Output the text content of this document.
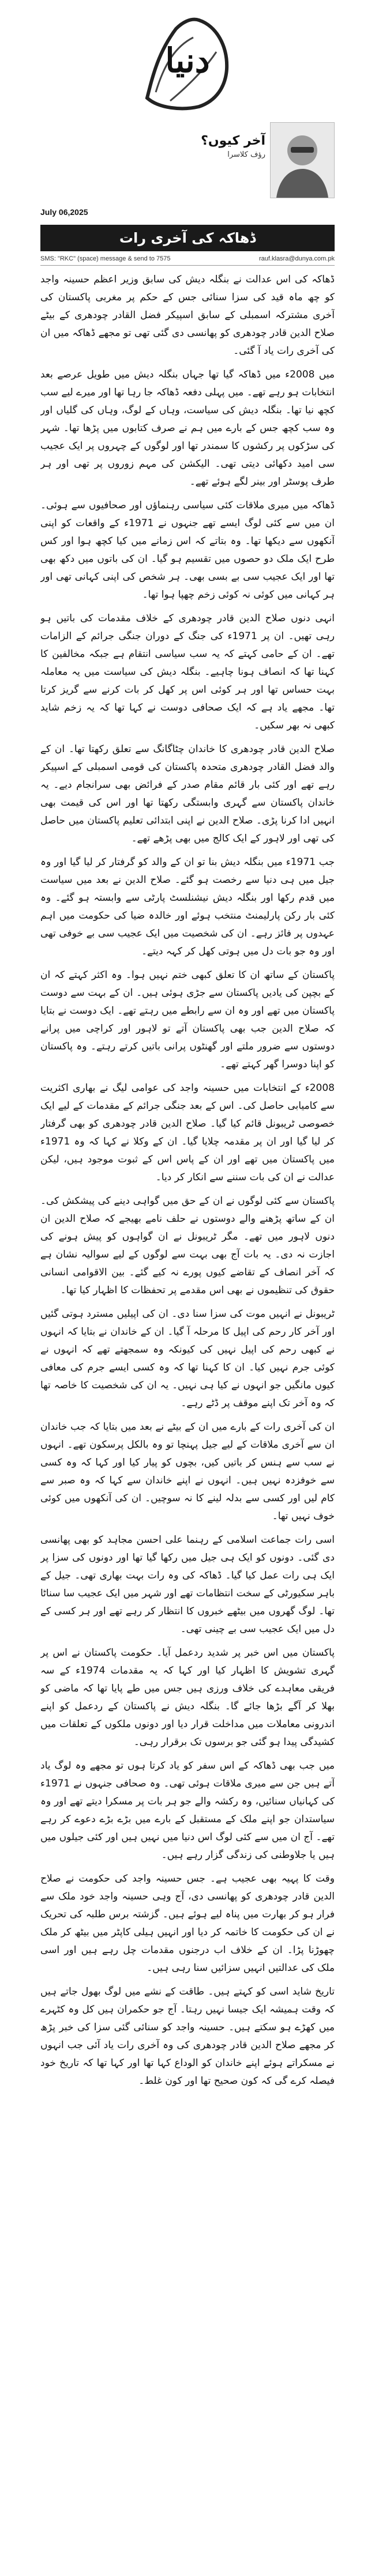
دنیا
July 06,2025
آخر کیوں؟
رؤف کلاسرا
ڈھاکہ کی آخری رات
SMS: "RKC" (space) message & send to 7575	rauf.klasra@dunya.com.pk

ڈھاکہ کی اس عدالت نے بنگلہ دیش کی سابق وزیر اعظم حسینہ واجد کو چھ ماہ قید کی سزا سنائی جس کے حکم پر مغربی پاکستان کی آخری مشترکہ اسمبلی کے سابق اسپیکر فضل القادر چودھری کے بیٹے صلاح الدین قادر چودھری کو پھانسی دی گئی تھی تو مجھے ڈھاکہ میں ان کی آخری رات یاد آ گئی۔

میں 2008ء میں ڈھاکہ گیا تھا جہاں بنگلہ دیش میں طویل عرصے بعد انتخابات ہو رہے تھے۔ میں پہلی دفعہ ڈھاکہ جا رہا تھا اور میرے لیے سب کچھ نیا تھا۔ بنگلہ دیش کی سیاست، وہاں کے لوگ، وہاں کی گلیاں اور وہ سب کچھ جس کے بارے میں ہم نے صرف کتابوں میں پڑھا تھا۔ شہر کی سڑکوں پر رکشوں کا سمندر تھا اور لوگوں کے چہروں پر ایک عجیب سی امید دکھائی دیتی تھی۔ الیکشن کی مہم زوروں پر تھی اور ہر طرف پوسٹر اور بینر لگے ہوئے تھے۔

ڈھاکہ میں میری ملاقات کئی سیاسی رہنماؤں اور صحافیوں سے ہوئی۔ ان میں سے کئی لوگ ایسے تھے جنہوں نے 1971ء کے واقعات کو اپنی آنکھوں سے دیکھا تھا۔ وہ بتاتے کہ اس زمانے میں کیا کچھ ہوا اور کس طرح ایک ملک دو حصوں میں تقسیم ہو گیا۔ ان کی باتوں میں دکھ بھی تھا اور ایک عجیب سی بے بسی بھی۔ ہر شخص کی اپنی کہانی تھی اور ہر کہانی میں کوئی نہ کوئی زخم چھپا ہوا تھا۔

انہی دنوں صلاح الدین قادر چودھری کے خلاف مقدمات کی باتیں ہو رہی تھیں۔ ان پر 1971ء کی جنگ کے دوران جنگی جرائم کے الزامات تھے۔ ان کے حامی کہتے کہ یہ سب سیاسی انتقام ہے جبکہ مخالفین کا کہنا تھا کہ انصاف ہونا چاہیے۔ بنگلہ دیش کی سیاست میں یہ معاملہ بہت حساس تھا اور ہر کوئی اس پر کھل کر بات کرنے سے گریز کرتا تھا۔ مجھے یاد ہے کہ ایک صحافی دوست نے کہا تھا کہ یہ زخم شاید کبھی نہ بھر سکیں۔

صلاح الدین قادر چودھری کا خاندان چٹاگانگ سے تعلق رکھتا تھا۔ ان کے والد فضل القادر چودھری متحدہ پاکستان کی قومی اسمبلی کے اسپیکر رہے تھے اور کئی بار قائم مقام صدر کے فرائض بھی سرانجام دیے۔ یہ خاندان پاکستان سے گہری وابستگی رکھتا تھا اور اس کی قیمت بھی انہیں ادا کرنا پڑی۔ صلاح الدین نے اپنی ابتدائی تعلیم پاکستان میں حاصل کی تھی اور لاہور کے ایک کالج میں بھی پڑھے تھے۔

جب 1971ء میں بنگلہ دیش بنا تو ان کے والد کو گرفتار کر لیا گیا اور وہ جیل میں ہی دنیا سے رخصت ہو گئے۔ صلاح الدین نے بعد میں سیاست میں قدم رکھا اور بنگلہ دیش نیشنلسٹ پارٹی سے وابستہ ہو گئے۔ وہ کئی بار رکن پارلیمنٹ منتخب ہوئے اور خالدہ ضیا کی حکومت میں اہم عہدوں پر فائز رہے۔ ان کی شخصیت میں ایک عجیب سی بے خوفی تھی اور وہ جو بات دل میں ہوتی کھل کر کہہ دیتے۔

پاکستان کے ساتھ ان کا تعلق کبھی ختم نہیں ہوا۔ وہ اکثر کہتے کہ ان کے بچپن کی یادیں پاکستان سے جڑی ہوئی ہیں۔ ان کے بہت سے دوست پاکستان میں تھے اور وہ ان سے رابطے میں رہتے تھے۔ ایک دوست نے بتایا کہ صلاح الدین جب بھی پاکستان آتے تو لاہور اور کراچی میں پرانے دوستوں سے ضرور ملتے اور گھنٹوں پرانی باتیں کرتے رہتے۔ وہ پاکستان کو اپنا دوسرا گھر کہتے تھے۔

2008ء کے انتخابات میں حسینہ واجد کی عوامی لیگ نے بھاری اکثریت سے کامیابی حاصل کی۔ اس کے بعد جنگی جرائم کے مقدمات کے لیے ایک خصوصی ٹریبونل قائم کیا گیا۔ صلاح الدین قادر چودھری کو بھی گرفتار کر لیا گیا اور ان پر مقدمہ چلایا گیا۔ ان کے وکلا نے کہا کہ وہ 1971ء میں پاکستان میں تھے اور ان کے پاس اس کے ثبوت موجود ہیں، لیکن عدالت نے ان کی بات سننے سے انکار کر دیا۔

پاکستان سے کئی لوگوں نے ان کے حق میں گواہی دینے کی پیشکش کی۔ ان کے ساتھ پڑھنے والے دوستوں نے حلف نامے بھیجے کہ صلاح الدین ان دنوں لاہور میں تھے۔ مگر ٹریبونل نے ان گواہوں کو پیش ہونے کی اجازت نہ دی۔ یہ بات آج بھی بہت سے لوگوں کے لیے سوالیہ نشان ہے کہ آخر انصاف کے تقاضے کیوں پورے نہ کیے گئے۔ بین الاقوامی انسانی حقوق کی تنظیموں نے بھی اس مقدمے پر تحفظات کا اظہار کیا تھا۔

ٹریبونل نے انہیں موت کی سزا سنا دی۔ ان کی اپیلیں مسترد ہوتی گئیں اور آخر کار رحم کی اپیل کا مرحلہ آ گیا۔ ان کے خاندان نے بتایا کہ انہوں نے کبھی رحم کی اپیل نہیں کی کیونکہ وہ سمجھتے تھے کہ انہوں نے کوئی جرم نہیں کیا۔ ان کا کہنا تھا کہ وہ کسی ایسے جرم کی معافی کیوں مانگیں جو انہوں نے کیا ہی نہیں۔ یہ ان کی شخصیت کا خاصہ تھا کہ وہ آخر تک اپنے موقف پر ڈٹے رہے۔

ان کی آخری رات کے بارے میں ان کے بیٹے نے بعد میں بتایا کہ جب خاندان ان سے آخری ملاقات کے لیے جیل پہنچا تو وہ بالکل پرسکون تھے۔ انہوں نے سب سے ہنس کر باتیں کیں، بچوں کو پیار کیا اور کہا کہ وہ کسی سے خوفزدہ نہیں ہیں۔ انہوں نے اپنے خاندان سے کہا کہ وہ صبر سے کام لیں اور کسی سے بدلہ لینے کا نہ سوچیں۔ ان کی آنکھوں میں کوئی خوف نہیں تھا۔

اسی رات جماعت اسلامی کے رہنما علی احسن مجاہد کو بھی پھانسی دی گئی۔ دونوں کو ایک ہی جیل میں رکھا گیا تھا اور دونوں کی سزا پر ایک ہی رات عمل کیا گیا۔ ڈھاکہ کی وہ رات بہت بھاری تھی۔ جیل کے باہر سکیورٹی کے سخت انتظامات تھے اور شہر میں ایک عجیب سا سناٹا تھا۔ لوگ گھروں میں بیٹھے خبروں کا انتظار کر رہے تھے اور ہر کسی کے دل میں ایک عجیب سی بے چینی تھی۔

پاکستان میں اس خبر پر شدید ردعمل آیا۔ حکومت پاکستان نے اس پر گہری تشویش کا اظہار کیا اور کہا کہ یہ مقدمات 1974ء کے سہ فریقی معاہدے کی خلاف ورزی ہیں جس میں طے پایا تھا کہ ماضی کو بھلا کر آگے بڑھا جائے گا۔ بنگلہ دیش نے پاکستان کے ردعمل کو اپنے اندرونی معاملات میں مداخلت قرار دیا اور دونوں ملکوں کے تعلقات میں کشیدگی پیدا ہو گئی جو برسوں تک برقرار رہی۔

میں جب بھی ڈھاکہ کے اس سفر کو یاد کرتا ہوں تو مجھے وہ لوگ یاد آتے ہیں جن سے میری ملاقات ہوئی تھی۔ وہ صحافی جنہوں نے 1971ء کی کہانیاں سنائیں، وہ رکشہ والے جو ہر بات پر مسکرا دیتے تھے اور وہ سیاستدان جو اپنے ملک کے مستقبل کے بارے میں بڑے بڑے دعوے کر رہے تھے۔ آج ان میں سے کئی لوگ اس دنیا میں نہیں ہیں اور کئی جیلوں میں ہیں یا جلاوطنی کی زندگی گزار رہے ہیں۔

وقت کا پہیہ بھی عجیب ہے۔ جس حسینہ واجد کی حکومت نے صلاح الدین قادر چودھری کو پھانسی دی، آج وہی حسینہ واجد خود ملک سے فرار ہو کر بھارت میں پناہ لیے ہوئے ہیں۔ گزشتہ برس طلبہ کی تحریک نے ان کی حکومت کا خاتمہ کر دیا اور انہیں ہیلی کاپٹر میں بیٹھ کر ملک چھوڑنا پڑا۔ ان کے خلاف اب درجنوں مقدمات چل رہے ہیں اور اسی ملک کی عدالتیں انہیں سزائیں سنا رہی ہیں۔

تاریخ شاید اسی کو کہتے ہیں۔ طاقت کے نشے میں لوگ بھول جاتے ہیں کہ وقت ہمیشہ ایک جیسا نہیں رہتا۔ آج جو حکمران ہیں کل وہ کٹہرے میں کھڑے ہو سکتے ہیں۔ حسینہ واجد کو سنائی گئی سزا کی خبر پڑھ کر مجھے صلاح الدین قادر چودھری کی وہ آخری رات یاد آئی جب انہوں نے مسکراتے ہوئے اپنے خاندان کو الوداع کہا تھا اور کہا تھا کہ تاریخ خود فیصلہ کرے گی کہ کون صحیح تھا اور کون غلط۔
